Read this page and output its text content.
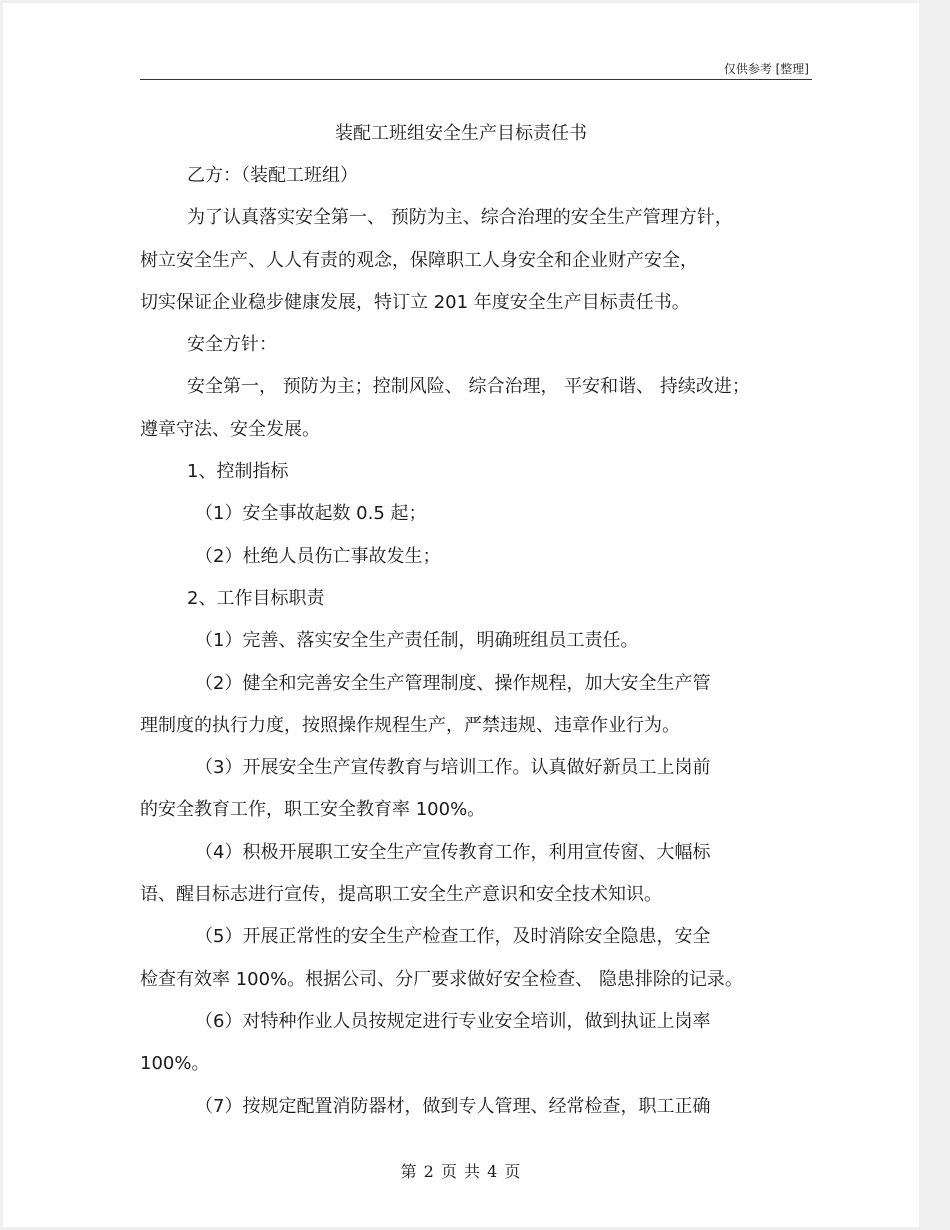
仅供参考 [整理]
装配工班组安全生产目标责任书
乙方：（装配工班组）
为了认真落实安全第一、 预防为主、综合治理的安全生产管理方针，
树立安全生产、人人有责的观念，保障职工人身安全和企业财产安全，
切实保证企业稳步健康发展，特订立 201 年度安全生产目标责任书。
安全方针：
安全第一， 预防为主；控制风险、 综合治理， 平安和谐、 持续改进；
遵章守法、安全发展。
1、控制指标
（1）安全事故起数 0.5 起；
（2）杜绝人员伤亡事故发生；
2、工作目标职责
（1）完善、落实安全生产责任制，明确班组员工责任。
（2）健全和完善安全生产管理制度、操作规程，加大安全生产管
理制度的执行力度，按照操作规程生产，严禁违规、违章作业行为。
（3）开展安全生产宣传教育与培训工作。认真做好新员工上岗前
的安全教育工作，职工安全教育率 100%。
（4）积极开展职工安全生产宣传教育工作，利用宣传窗、大幅标
语、醒目标志进行宣传，提高职工安全生产意识和安全技术知识。
（5）开展正常性的安全生产检查工作，及时消除安全隐患，安全
检查有效率 100%。根据公司、分厂要求做好安全检查、 隐患排除的记录。
（6）对特种作业人员按规定进行专业安全培训，做到执证上岗率
100%。
（7）按规定配置消防器材，做到专人管理、经常检查，职工正确
第 2 页 共 4 页
